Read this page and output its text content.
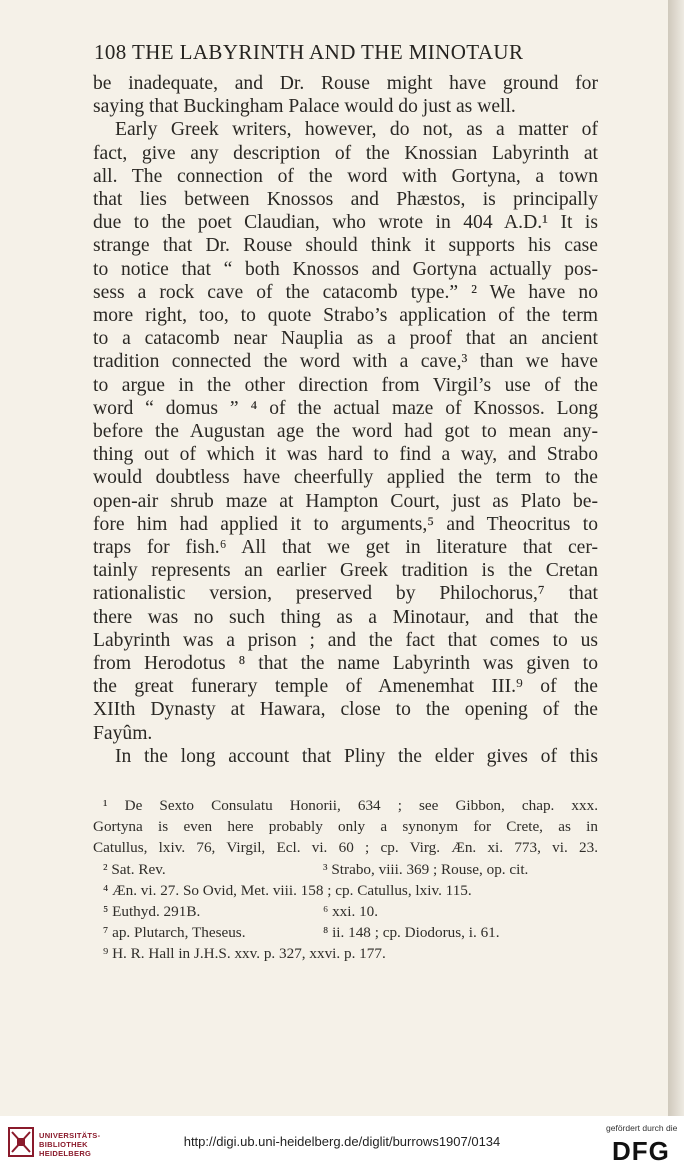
108 THE LABYRINTH AND THE MINOTAUR
be inadequate, and Dr. Rouse might have ground for
saying that Buckingham Palace would do just as well.
Early Greek writers, however, do not, as a matter of
fact, give any description of the Knossian Labyrinth at
all. The connection of the word with Gortyna, a town
that lies between Knossos and Phæstos, is principally
due to the poet Claudian, who wrote in 404 A.D.¹ It is
strange that Dr. Rouse should think it supports his case
to notice that “ both Knossos and Gortyna actually pos-
sess a rock cave of the catacomb type.” ² We have no
more right, too, to quote Strabo’s application of the term
to a catacomb near Nauplia as a proof that an ancient
tradition connected the word with a cave,³ than we have
to argue in the other direction from Virgil’s use of the
word “ domus ” ⁴ of the actual maze of Knossos. Long
before the Augustan age the word had got to mean any-
thing out of which it was hard to find a way, and Strabo
would doubtless have cheerfully applied the term to the
open-air shrub maze at Hampton Court, just as Plato be-
fore him had applied it to arguments,⁵ and Theocritus to
traps for fish.⁶ All that we get in literature that cer-
tainly represents an earlier Greek tradition is the Cretan
rationalistic version, preserved by Philochorus,⁷ that
there was no such thing as a Minotaur, and that the
Labyrinth was a prison ; and the fact that comes to us
from Herodotus ⁸ that the name Labyrinth was given to
the great funerary temple of Amenemhat III.⁹ of the
XIIth Dynasty at Hawara, close to the opening of the
Fayûm.
In the long account that Pliny the elder gives of this
¹ De Sexto Consulatu Honorii, 634 ; see Gibbon, chap. xxx.
Gortyna is even here probably only a synonym for Crete, as in
Catullus, lxiv. 76, Virgil, Ecl. vi. 60 ; cp. Virg. Æn. xi. 773, vi. 23.
² Sat. Rev.	³ Strabo, viii. 369 ; Rouse, op. cit.
⁴ Æn. vi. 27. So Ovid, Met. viii. 158 ; cp. Catullus, lxiv. 115.
⁵ Euthyd. 291B.	⁶ xxi. 10.
⁷ ap. Plutarch, Theseus.	⁸ ii. 148 ; cp. Diodorus, i. 61.
⁹ H. R. Hall in J.H.S. xxv. p. 327, xxvi. p. 177.
UNIVERSITÄTS-
BIBLIOTHEK
HEIDELBERG
http://digi.ub.uni-heidelberg.de/diglit/burrows1907/0134
gefördert durch die
DFG
